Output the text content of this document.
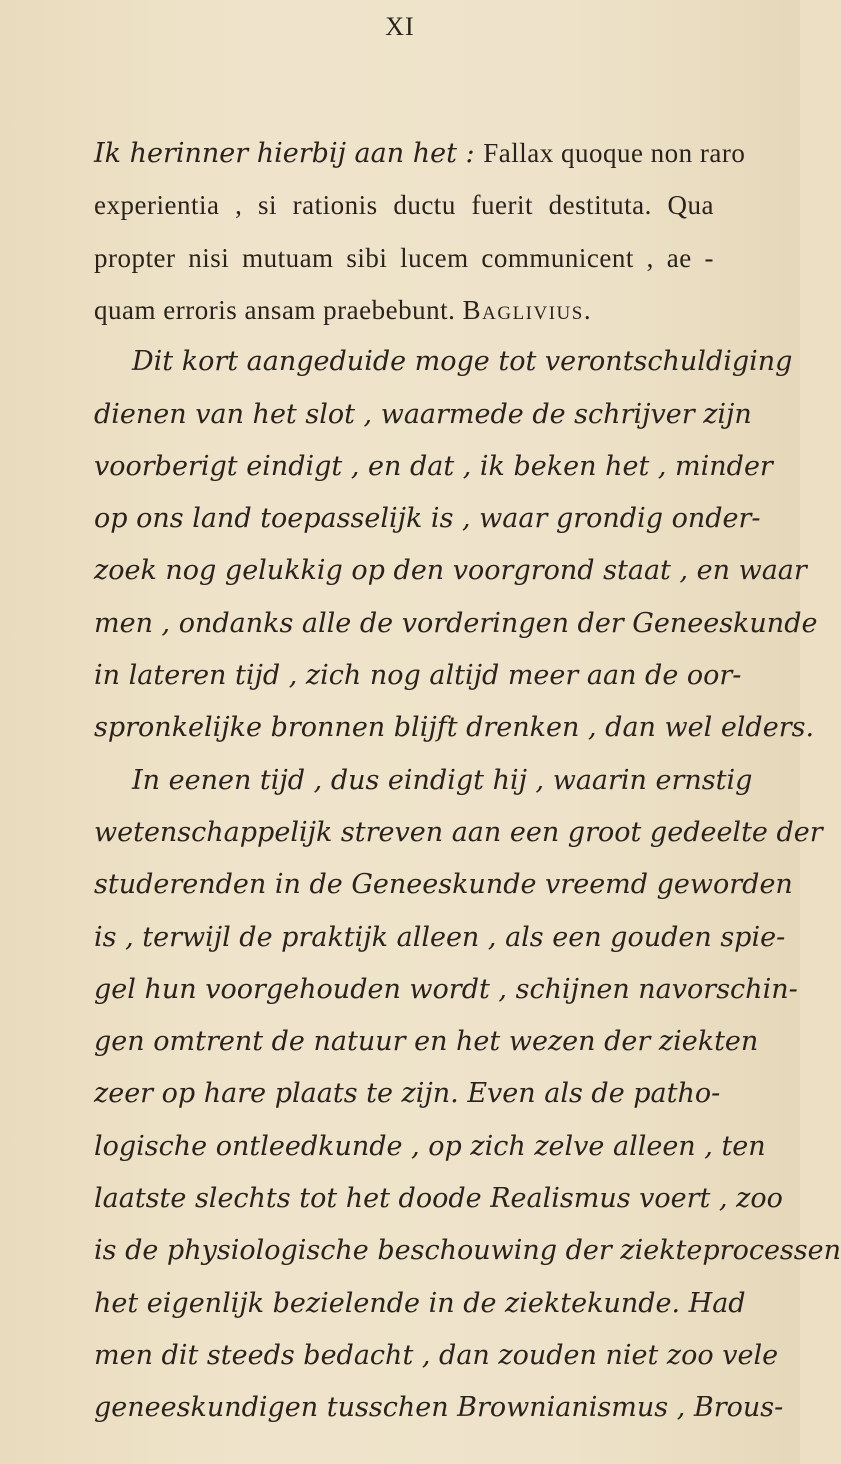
XI
Ik herinner hierbij aan het : Fallax quoque non raro
experientia , si rationis ductu fuerit destituta. Qua
propter nisi mutuam sibi lucem communicent , ae -
quam erroris ansam praebebunt. Baglivius.
Dit kort aangeduide moge tot verontschuldiging
dienen van het slot , waarmede de schrijver zijn
voorberigt eindigt , en dat , ik beken het , minder
op ons land toepasselijk is , waar grondig onder-
zoek nog gelukkig op den voorgrond staat , en waar
men , ondanks alle de vorderingen der Geneeskunde
in lateren tijd , zich nog altijd meer aan de oor-
spronkelijke bronnen blijft drenken , dan wel elders.
In eenen tijd , dus eindigt hij , waarin ernstig
wetenschappelijk streven aan een groot gedeelte der
studerenden in de Geneeskunde vreemd geworden
is , terwijl de praktijk alleen , als een gouden spie-
gel hun voorgehouden wordt , schijnen navorschin-
gen omtrent de natuur en het wezen der ziekten
zeer op hare plaats te zijn. Even als de patho-
logische ontleedkunde , op zich zelve alleen , ten
laatste slechts tot het doode Realismus voert , zoo
is de physiologische beschouwing der ziekteprocessen
het eigenlijk bezielende in de ziektekunde. Had
men dit steeds bedacht , dan zouden niet zoo vele
geneeskundigen tusschen Brownianismus , Brous-
